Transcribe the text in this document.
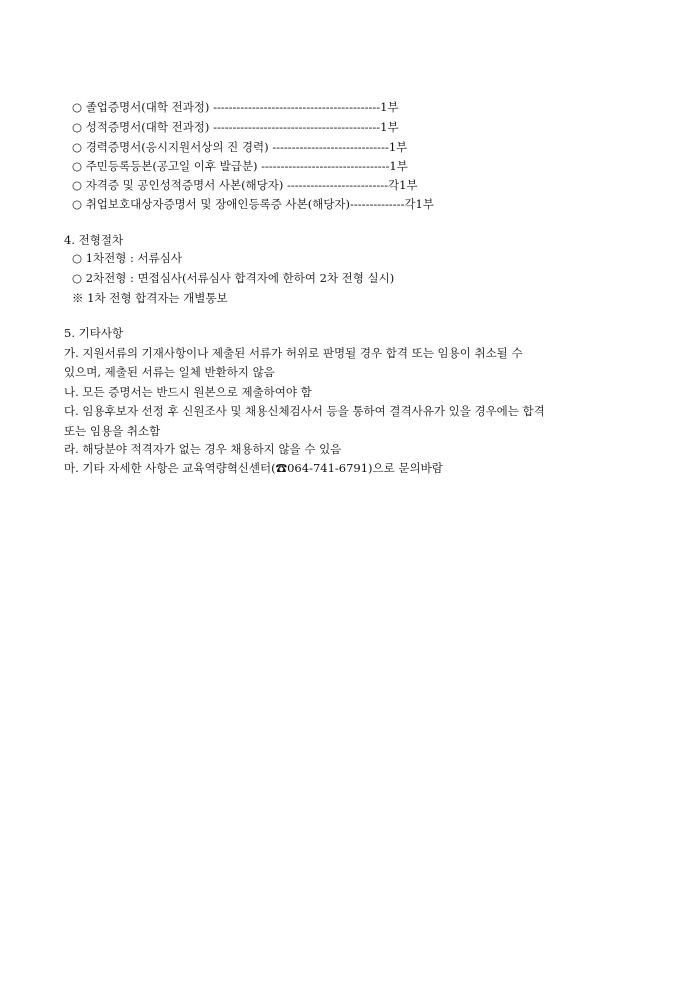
○ 졸업증명서(대학 전과정) -------------------------------------------1부
○ 성적증명서(대학 전과정) -------------------------------------------1부
○ 경력증명서(응시지원서상의 진 경력) ------------------------------1부
○ 주민등록등본(공고일 이후 발급분) ---------------------------------1부
○ 자격증 및 공인성적증명서 사본(해당자) --------------------------각1부
○ 취업보호대상자증명서 및 장애인등록증 사본(해당자)--------------각1부
4. 전형절차
○ 1차전형 : 서류심사
○ 2차전형 : 면접심사(서류심사 합격자에 한하여 2차 전형 실시)
※ 1차 전형 합격자는 개별통보
5. 기타사항
가. 지원서류의 기재사항이나 제출된 서류가 허위로 판명될 경우 합격 또는 임용이 취소될 수
있으며, 제출된 서류는 일체 반환하지 않음
나. 모든 증명서는 반드시 원본으로 제출하여야 함
다. 임용후보자 선정 후 신원조사 및 채용신체검사서 등을 통하여 결격사유가 있을 경우에는 합격
또는 임용을 취소함
라. 해당분야 적격자가 없는 경우 채용하지 않을 수 있음
마. 기타 자세한 사항은 교육역량혁신센터(☎064-741-6791)으로 문의바람
